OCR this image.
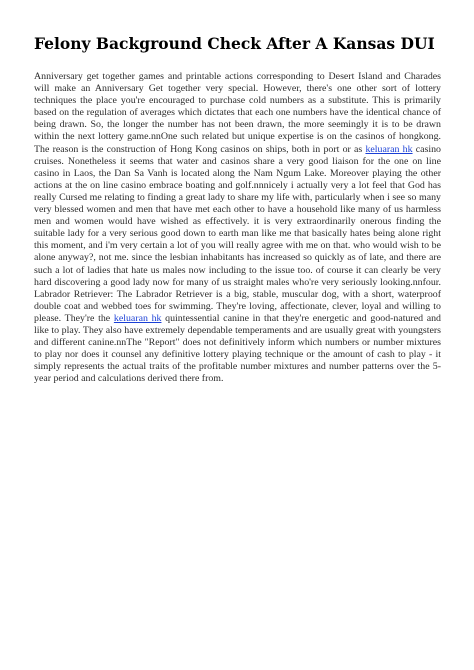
Felony Background Check After A Kansas DUI

Anniversary get together games and printable actions corresponding to Desert Island and Charades will make an Anniversary Get together very special. However, there's one other sort of lottery techniques the place you're encouraged to purchase cold numbers as a substitute. This is primarily based on the regulation of averages which dictates that each one numbers have the identical chance of being drawn. So, the longer the number has not been drawn, the more seemingly it is to be drawn within the next lottery game.nnOne such related but unique expertise is on the casinos of hongkong. The reason is the construction of Hong Kong casinos on ships, both in port or as keluaran hk casino cruises. Nonetheless it seems that water and casinos share a very good liaison for the one on line casino in Laos, the Dan Sa Vanh is located along the Nam Ngum Lake. Moreover playing the other actions at the on line casino embrace boating and golf.nnnicely i actually very a lot feel that God has really Cursed me relating to finding a great lady to share my life with, particularly when i see so many very blessed women and men that have met each other to have a household like many of us harmless men and women would have wished as effectively. it is very extraordinarily onerous finding the suitable lady for a very serious good down to earth man like me that basically hates being alone right this moment, and i'm very certain a lot of you will really agree with me on that. who would wish to be alone anyway?, not me. since the lesbian inhabitants has increased so quickly as of late, and there are such a lot of ladies that hate us males now including to the issue too. of course it can clearly be very hard discovering a good lady now for many of us straight males who're very seriously looking.nnfour. Labrador Retriever: The Labrador Retriever is a big, stable, muscular dog, with a short, waterproof double coat and webbed toes for swimming. They're loving, affectionate, clever, loyal and willing to please. They're the keluaran hk quintessential canine in that they're energetic and good-natured and like to play. They also have extremely dependable temperaments and are usually great with youngsters and different canine.nnThe "Report" does not definitively inform which numbers or number mixtures to play nor does it counsel any definitive lottery playing technique or the amount of cash to play - it simply represents the actual traits of the profitable number mixtures and number patterns over the 5-year period and calculations derived there from.
